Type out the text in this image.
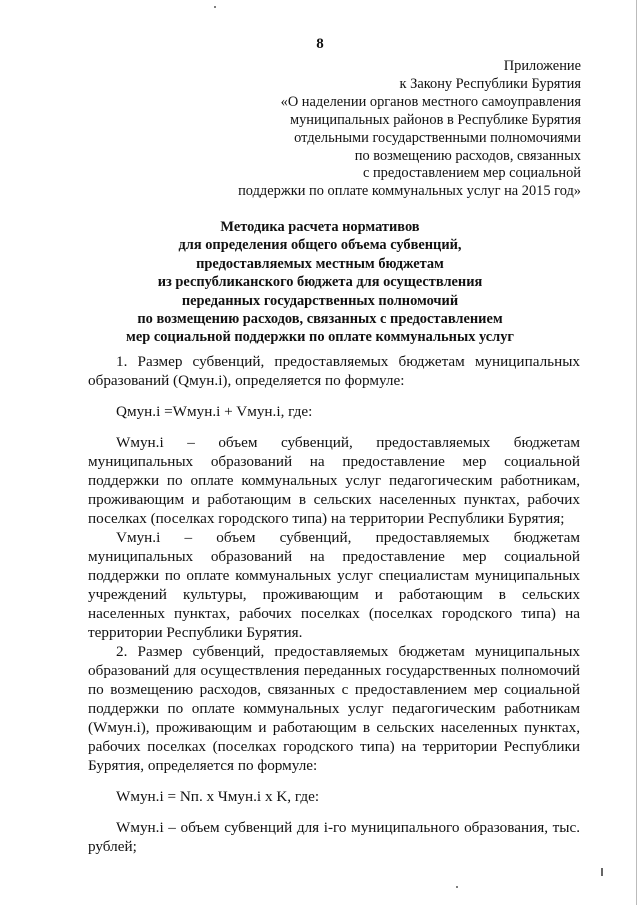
8
Приложение
к Закону Республики Бурятия
«О наделении органов местного самоуправления
муниципальных районов в Республике Бурятия
отдельными государственными полномочиями
по возмещению расходов, связанных
с предоставлением мер социальной
поддержки по оплате коммунальных услуг на 2015 год»
Методика расчета нормативов
для определения общего объема субвенций,
предоставляемых местным бюджетам
из республиканского бюджета для осуществления
переданных государственных полномочий
по возмещению расходов, связанных с предоставлением
мер социальной поддержки по оплате коммунальных услуг

1. Размер субвенций, предоставляемых бюджетам муниципальных образований (Qмун.i), определяется по формуле:

Qмун.i =Wмун.i + Vмун.i, где:

Wмун.i – объем субвенций, предоставляемых бюджетам муниципальных образований на предоставление мер социальной поддержки по оплате коммунальных услуг педагогическим работникам, проживающим и работающим в сельских населенных пунктах, рабочих поселках (поселках городского типа) на территории Республики Бурятия;

Vмун.i – объем субвенций, предоставляемых бюджетам муниципальных образований на предоставление мер социальной поддержки по оплате коммунальных услуг специалистам муниципальных учреждений культуры, проживающим и работающим в сельских населенных пунктах, рабочих поселках (поселках городского типа) на территории Республики Бурятия.

2. Размер субвенций, предоставляемых бюджетам муниципальных образований для осуществления переданных государственных полномочий по возмещению расходов, связанных с предоставлением мер социальной поддержки по оплате коммунальных услуг педагогическим работникам (Wмун.i), проживающим и работающим в сельских населенных пунктах, рабочих поселках (поселках городского типа) на территории Республики Бурятия, определяется по формуле:

Wмун.i = Nп. x Чмун.i x K, где:

Wмун.i – объем субвенций для i-го муниципального образования, тыс. рублей;
